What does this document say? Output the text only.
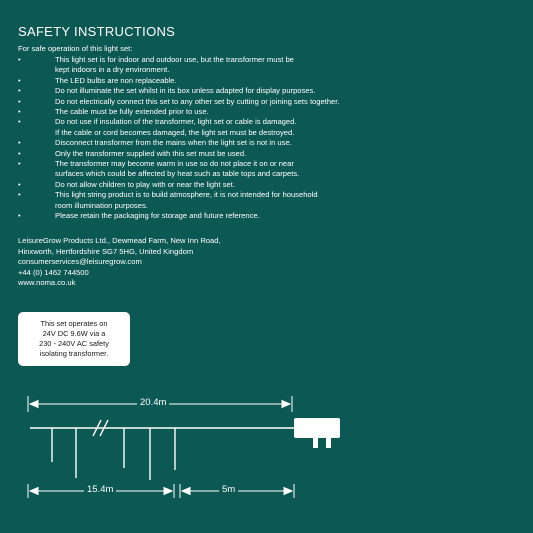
SAFETY INSTRUCTIONS
For safe operation of this light set:
•	This light set is for indoor and outdoor use, but the transformer must be
kept indoors in a dry environment.
•	The LED bulbs are non replaceable.
•	Do not illuminate the set whilst in its box unless adapted for display purposes.
•	Do not electrically connect this set to any other set by cutting or joining sets together.
•	The cable must be fully extended prior to use.
•	Do not use if insulation of the transformer, light set or cable is damaged.
If the cable or cord becomes damaged, the light set must be destroyed.
•	Disconnect transformer from the mains when the light set is not in use.
•	Only the transformer supplied with this set must be used.
•	The transformer may become warm in use so do not place it on or near
surfaces which could be affected by heat such as table tops and carpets.
•	Do not allow children to play with or near the light set.
•	This light string product is to build atmosphere, it is not intended for household
room illumination purposes.
•	Please retain the packaging for storage and future reference.
LeisureGrow Products Ltd., Dewmead Farm, New Inn Road,
Hinxworth, Hertfordshire SG7 5HG, United Kingdom
consumerservices@leisuregrow.com
+44 (0) 1462 744500
www.noma.co.uk
This set operates on
24V DC 9.6W via a
230 - 240V AC safety
isolating transformer.
20.4m
15.4m	5m
